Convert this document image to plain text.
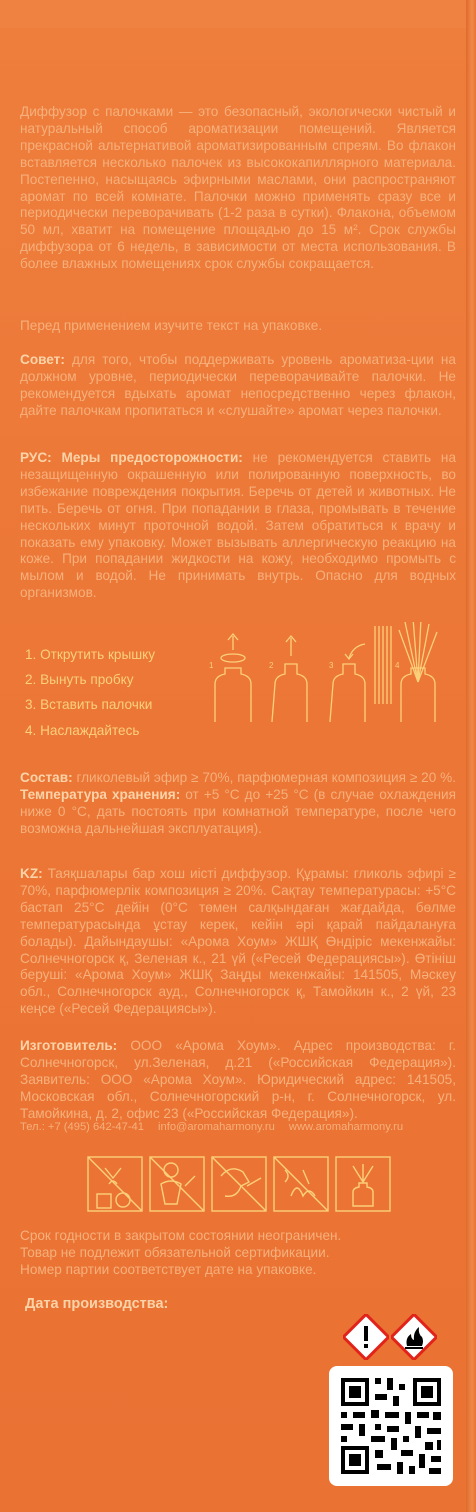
Диффузор с палочками — это безопасный, экологически чистый и натуральный способ ароматизации помещений. Является прекрасной альтернативой ароматизированным спреям. Во флакон вставляется несколько палочек из высококапиллярного материала. Постепенно, насыщаясь эфирными маслами, они распространяют аромат по всей комнате. Палочки можно применять сразу все и периодически переворачивать (1-2 раза в сутки). Флакона, объемом 50 мл, хватит на помещение площадью до 15 м². Срок службы диффузора от 6 недель, в зависимости от места использования. В более влажных помещениях срок службы сокращается.
Перед применением изучите текст на упаковке.
Совет: для того, чтобы поддерживать уровень ароматиза-ции на должном уровне, периодически переворачивайте палочки. Не рекомендуется вдыхать аромат непосредственно через флакон, дайте палочкам пропитаться и «слушайте» аромат через палочки.
РУС: Меры предосторожности: не рекомендуется ставить на незащищенную окрашенную или полированную поверхность, во избежание повреждения покрытия. Беречь от детей и животных. Не пить. Беречь от огня. При попадании в глаза, промывать в течение нескольких минут проточной водой. Затем обратиться к врачу и показать ему упаковку. Может вызывать аллергическую реакцию на коже. При попадании жидкости на кожу, необходимо промыть с мылом и водой. Не принимать внутрь. Опасно для водных организмов.
1. Открутить крышку
2. Вынуть пробку
3. Вставить палочки
4. Наслаждайтесь
1	2	3	4
Состав: гликолевый эфир ≥ 70%, парфюмерная композиция ≥ 20 %. Температура хранения: от +5 °С до +25 °С (в случае охлаждения ниже 0 °С, дать постоять при комнатной температуре, после чего возможна дальнейшая эксплуатация).
KZ: Таяқшалары бар хош иісті диффузор. Құрамы: гликоль эфирі ≥ 70%, парфюмерлік композиция ≥ 20%. Сақтау температурасы: +5°С бастап 25°С дейін (0°С төмен салқындаған жағдайда, бөлме температурасында ұстау керек, кейін әрі қарай пайдалануға болады). Дайындаушы: «Арома Хоум» ЖШҚ Өндіріс мекенжайы: Солнечногорск қ, Зеленая к., 21 үй («Ресей Федерациясы»). Өтініш беруші: «Арома Хоум» ЖШҚ Заңды мекенжайы: 141505, Мәскеу обл., Солнечногорск ауд., Солнечногорск қ, Тамойкин к., 2 үй, 23 кеңсе («Ресей Федерациясы»).
Изготовитель: ООО «Арома Хоум». Адрес производства: г. Солнечногорск, ул.Зеленая, д.21 («Российская Федерация»). Заявитель: ООО «Арома Хоум». Юридический адрес: 141505, Московская обл., Солнечногорский р-н, г. Солнечногорск, ул. Тамойкина, д. 2, офис 23 («Российская Федерация»).
Тел.: +7 (495) 642-47-41 info@aromaharmony.ru www.aromaharmony.ru
Срок годности в закрытом состоянии неограничен.
Товар не подлежит обязательной сертификации.
Номер партии соответствует дате на упаковке.
Дата производства:
